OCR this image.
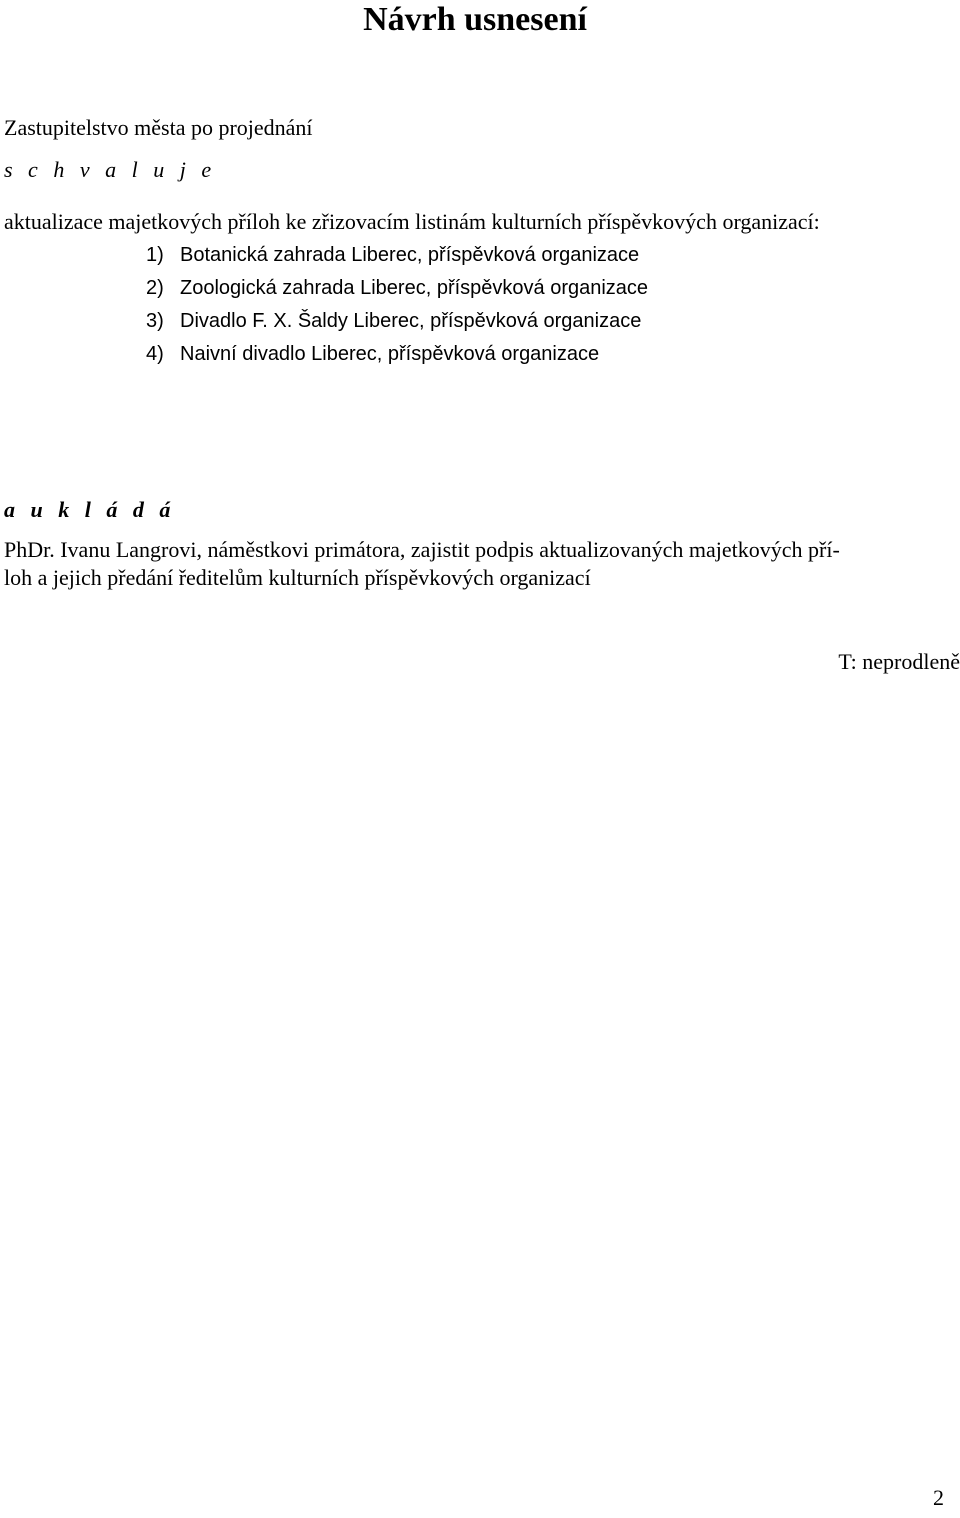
Návrh usnesení
Zastupitelstvo města po projednání
s c h v a l u j e
aktualizace majetkových příloh ke zřizovacím listinám kulturních příspěvkových organizací:
1) Botanická zahrada Liberec, příspěvková organizace
2) Zoologická zahrada Liberec, příspěvková organizace
3) Divadlo F. X. Šaldy Liberec, příspěvková organizace
4) Naivní divadlo Liberec, příspěvková organizace
a u k l á d á

PhDr. Ivanu Langrovi, náměstkovi primátora, zajistit podpis aktualizovaných majetkových pří-
loh a jejich předání ředitelům kulturních příspěvkových organizací

T: neprodleně
2
